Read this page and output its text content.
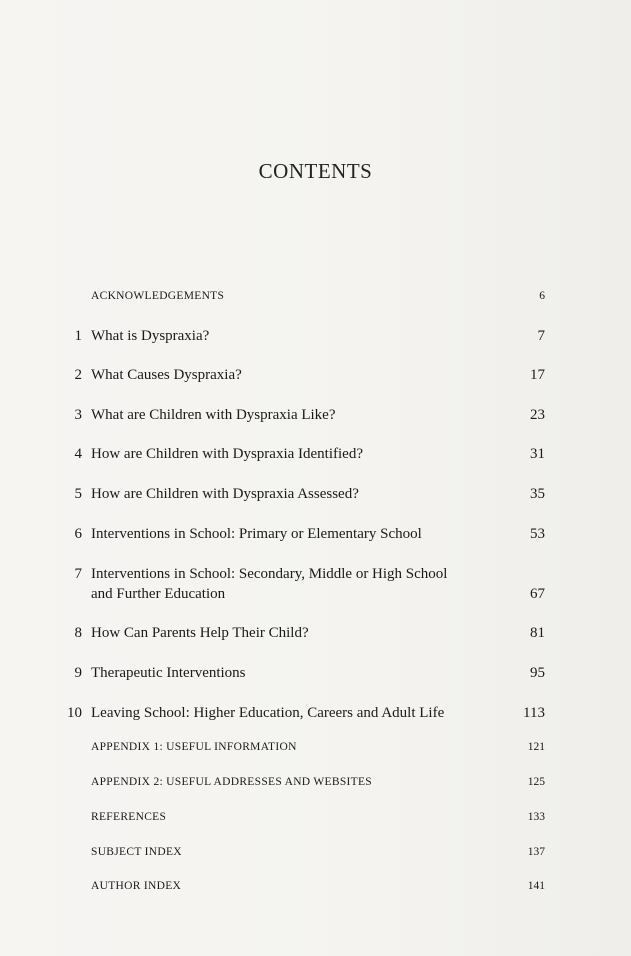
CONTENTS
ACKNOWLEDGEMENTS	6
1 What is Dyspraxia?	7
2 What Causes Dyspraxia?	17
3 What are Children with Dyspraxia Like?	23
4 How are Children with Dyspraxia Identified?	31
5 How are Children with Dyspraxia Assessed?	35
6 Interventions in School: Primary or Elementary School	53
7 Interventions in School: Secondary, Middle or High School
and Further Education	67
8 How Can Parents Help Their Child?	81
9 Therapeutic Interventions	95
10 Leaving School: Higher Education, Careers and Adult Life	113
APPENDIX 1: USEFUL INFORMATION	121
APPENDIX 2: USEFUL ADDRESSES AND WEBSITES	125
REFERENCES	133
SUBJECT INDEX	137
AUTHOR INDEX	141
